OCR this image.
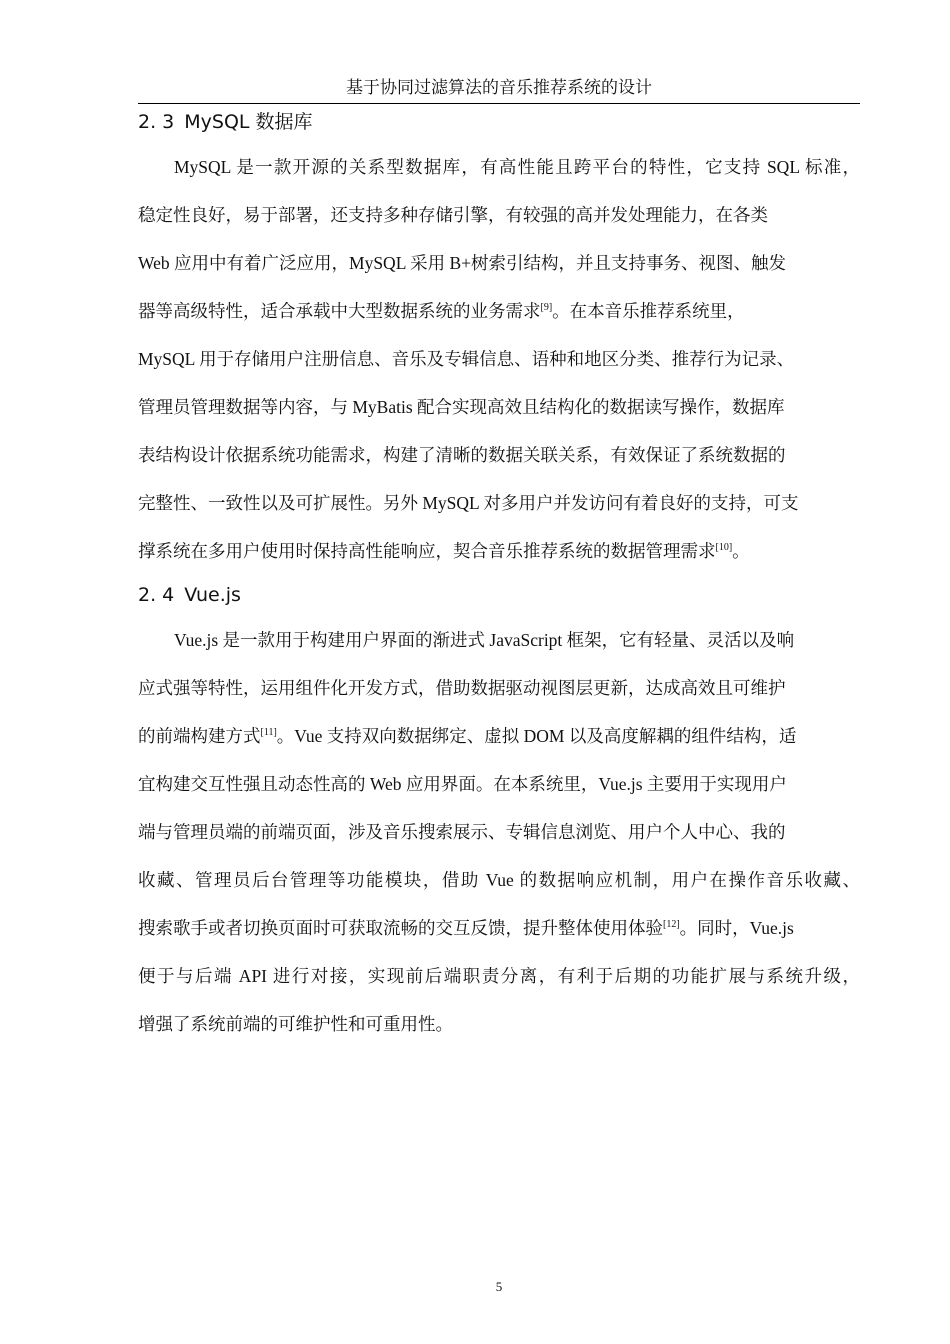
基于协同过滤算法的音乐推荐系统的设计
2. 3 MySQL 数据库
MySQL 是一款开源的关系型数据库，有高性能且跨平台的特性，它支持 SQL 标准，
稳定性良好，易于部署，还支持多种存储引擎，有较强的高并发处理能力，在各类
Web 应用中有着广泛应用，MySQL 采用 B+树索引结构，并且支持事务、视图、触发
器等高级特性，适合承载中大型数据系统的业务需求[9]。在本音乐推荐系统里，
MySQL 用于存储用户注册信息、音乐及专辑信息、语种和地区分类、推荐行为记录、
管理员管理数据等内容，与 MyBatis 配合实现高效且结构化的数据读写操作，数据库
表结构设计依据系统功能需求，构建了清晰的数据关联关系，有效保证了系统数据的
完整性、一致性以及可扩展性。另外 MySQL 对多用户并发访问有着良好的支持，可支
撑系统在多用户使用时保持高性能响应，契合音乐推荐系统的数据管理需求[10]。
2. 4 Vue.js
Vue.js 是一款用于构建用户界面的渐进式 JavaScript 框架，它有轻量、灵活以及响
应式强等特性，运用组件化开发方式，借助数据驱动视图层更新，达成高效且可维护
的前端构建方式[11]。Vue 支持双向数据绑定、虚拟 DOM 以及高度解耦的组件结构，适
宜构建交互性强且动态性高的 Web 应用界面。在本系统里，Vue.js 主要用于实现用户
端与管理员端的前端页面，涉及音乐搜索展示、专辑信息浏览、用户个人中心、我的
收藏、管理员后台管理等功能模块，借助 Vue 的数据响应机制，用户在操作音乐收藏、
搜索歌手或者切换页面时可获取流畅的交互反馈，提升整体使用体验[12]。同时，Vue.js
便于与后端 API 进行对接，实现前后端职责分离，有利于后期的功能扩展与系统升级，
增强了系统前端的可维护性和可重用性。
5
